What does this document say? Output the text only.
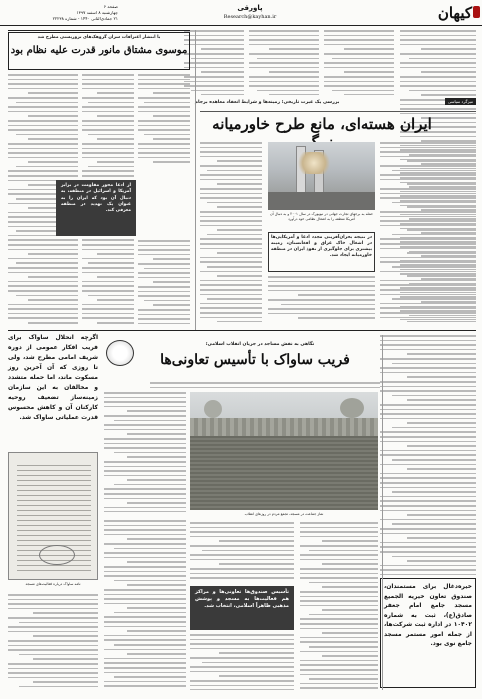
کیهان
پاورقی
Research@kayhan.ir
صفحه ۶
چهارشنبه ۸ اسفند ۱۳۹۷
۲۱ جمادی‌الثانی ۱۴۴۰ - شماره ۲۲۲۳۸
بررسی یک عبرت تاریخی؛ زمینه‌ها و شرایط انعقاد معاهده برجام	میزگرد سیاسی
ایران هسته‌ای، مانع طرح خاورمیانه
حمله به برجهای تجارت جهانی در نیویورک در سال ۲۰۰۱ و به دنبال آن آمریکا منطقه را به اشغال نظامی خود درآورد
در نتیجه بحران‌آفرینی مجدد ادعا و آمریکایی‌ها در اشغال خاک عراق و افغانستان، زمینه بیشتری برای جلوگیری از نفوذ ایران در منطقه خاورمیانه ایجاد شد.
با انتشار اعترافات سران گروهک‌های تروریستی مطرح شد
موسوی مشتاق مانور قدرت علیه نظام بود
از ادعا محور مقاومت در برابر آمریکا و اسرائیل در منطقه، به دنبال آن بود که ایران را به عنوان یک تهدید در منطقه معرفی کند.
نگاهی به نقش مساجد در جریان انقلاب اسلامی؛
فریب ساواک با تأسیس تعاونی‌ها
اگرچه انحلال ساواک برای فریب افکار عمومی از دوره شریف امامی مطرح شد، ولی تا روزی که آن آخرین روز مسکوت ماند، اما حمله متشدد و مخالفان به این سازمان زمینه‌ساز تضعیف روحیه کارکنان آن و کاهش محسوس قدرت عملیاتی ساواک شد.
نماز جماعت در مسجد، تجمع مردم در روزهای انقلاب
نامه ساواک درباره فعالیت‌های مسجد
تأسیس صندوق‌ها تعاونی‌ها و مراکز هم فعالیت‌ها به مسجد و پوشش مذهبی ظاهراً اسلامی، انتخاب شد.
خیره‌دغال برای مستمندان، صندوق تعاون خیریه الجمیع مسجد جامع امام جعفر صادق(ع)، ثبت به شماره ۱۰۴۰۲ در اداره ثبت شرکت‌ها، از جمله امور مستمر مسجد جامع نوی بود.
